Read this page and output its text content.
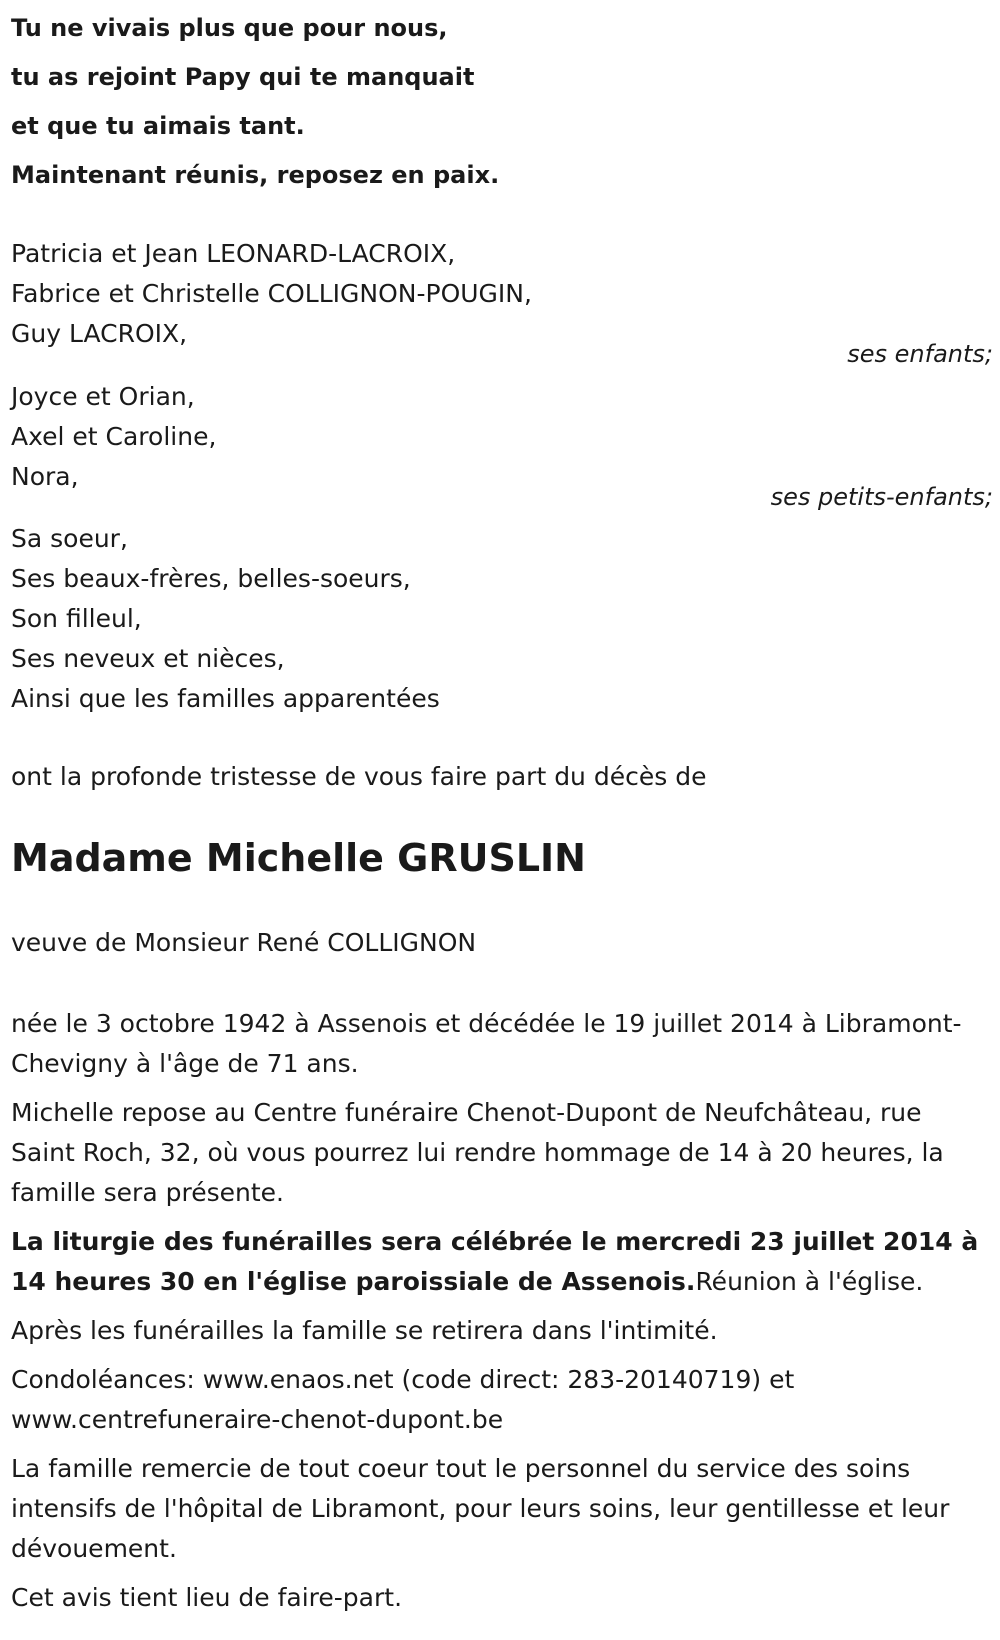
Tu ne vivais plus que pour nous,
tu as rejoint Papy qui te manquait
et que tu aimais tant.
Maintenant réunis, reposez en paix.
Patricia et Jean LEONARD-LACROIX,
Fabrice et Christelle COLLIGNON-POUGIN,
Guy LACROIX,
ses enfants;
Joyce et Orian,
Axel et Caroline,
Nora,
ses petits-enfants;
Sa soeur,
Ses beaux-frères, belles-soeurs,
Son filleul,
Ses neveux et nièces,
Ainsi que les familles apparentées
ont la profonde tristesse de vous faire part du décès de
Madame Michelle GRUSLIN
veuve de Monsieur René COLLIGNON

née le 3 octobre 1942 à Assenois et décédée le 19 juillet 2014 à Libramont-Chevigny à l'âge de 71 ans.

Michelle repose au Centre funéraire Chenot-Dupont de Neufchâteau, rue Saint Roch, 32, où vous pourrez lui rendre hommage de 14 à 20 heures, la famille sera présente.

La liturgie des funérailles sera célébrée le mercredi 23 juillet 2014 à 14 heures 30 en l'église paroissiale de Assenois.Réunion à l'église.

Après les funérailles la famille se retirera dans l'intimité.

Condoléances: www.enaos.net (code direct: 283-20140719) et www.centrefuneraire-chenot-dupont.be

La famille remercie de tout coeur tout le personnel du service des soins intensifs de l'hôpital de Libramont, pour leurs soins, leur gentillesse et leur dévouement.

Cet avis tient lieu de faire-part.
